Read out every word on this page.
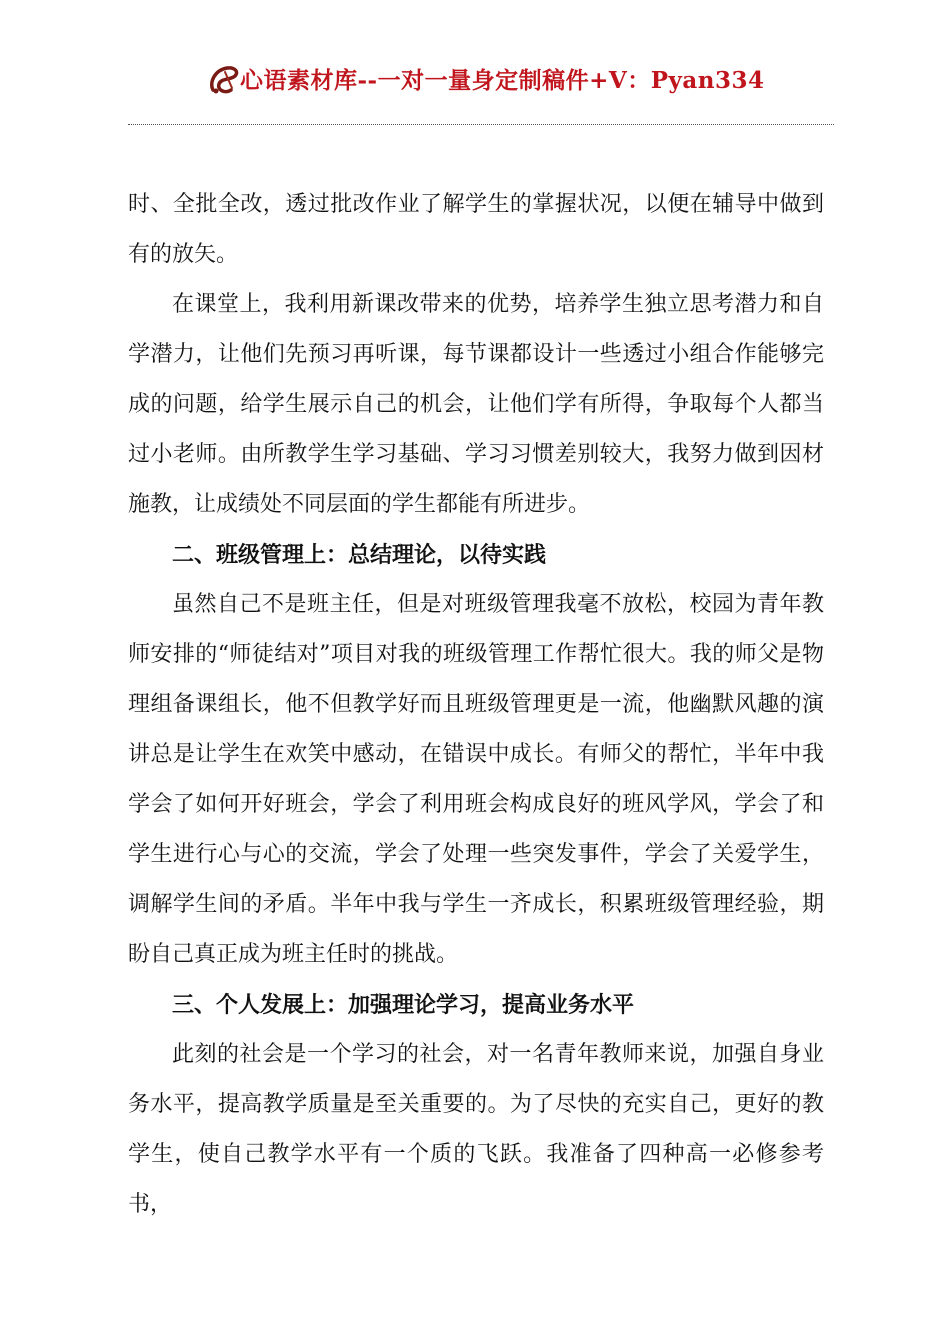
心语素材库--一对一量身定制稿件+V：Pyan334

时、全批全改，透过批改作业了解学生的掌握状况，以便在辅导中做到有的放矢。

在课堂上，我利用新课改带来的优势，培养学生独立思考潜力和自学潜力，让他们先预习再听课，每节课都设计一些透过小组合作能够完成的问题，给学生展示自己的机会，让他们学有所得，争取每个人都当过小老师。由所教学生学习基础、学习习惯差别较大，我努力做到因材施教，让成绩处不同层面的学生都能有所进步。

二、班级管理上：总结理论，以待实践

虽然自己不是班主任，但是对班级管理我毫不放松，校园为青年教师安排的“师徒结对”项目对我的班级管理工作帮忙很大。我的师父是物理组备课组长，他不但教学好而且班级管理更是一流，他幽默风趣的演讲总是让学生在欢笑中感动，在错误中成长。有师父的帮忙，半年中我学会了如何开好班会，学会了利用班会构成良好的班风学风，学会了和学生进行心与心的交流，学会了处理一些突发事件，学会了关爱学生，调解学生间的矛盾。半年中我与学生一齐成长，积累班级管理经验，期盼自己真正成为班主任时的挑战。

三、个人发展上：加强理论学习，提高业务水平

此刻的社会是一个学习的社会，对一名青年教师来说，加强自身业务水平，提高教学质量是至关重要的。为了尽快的充实自己，更好的教学生，使自己教学水平有一个质的飞跃。我准备了四种高一必修参考书，
